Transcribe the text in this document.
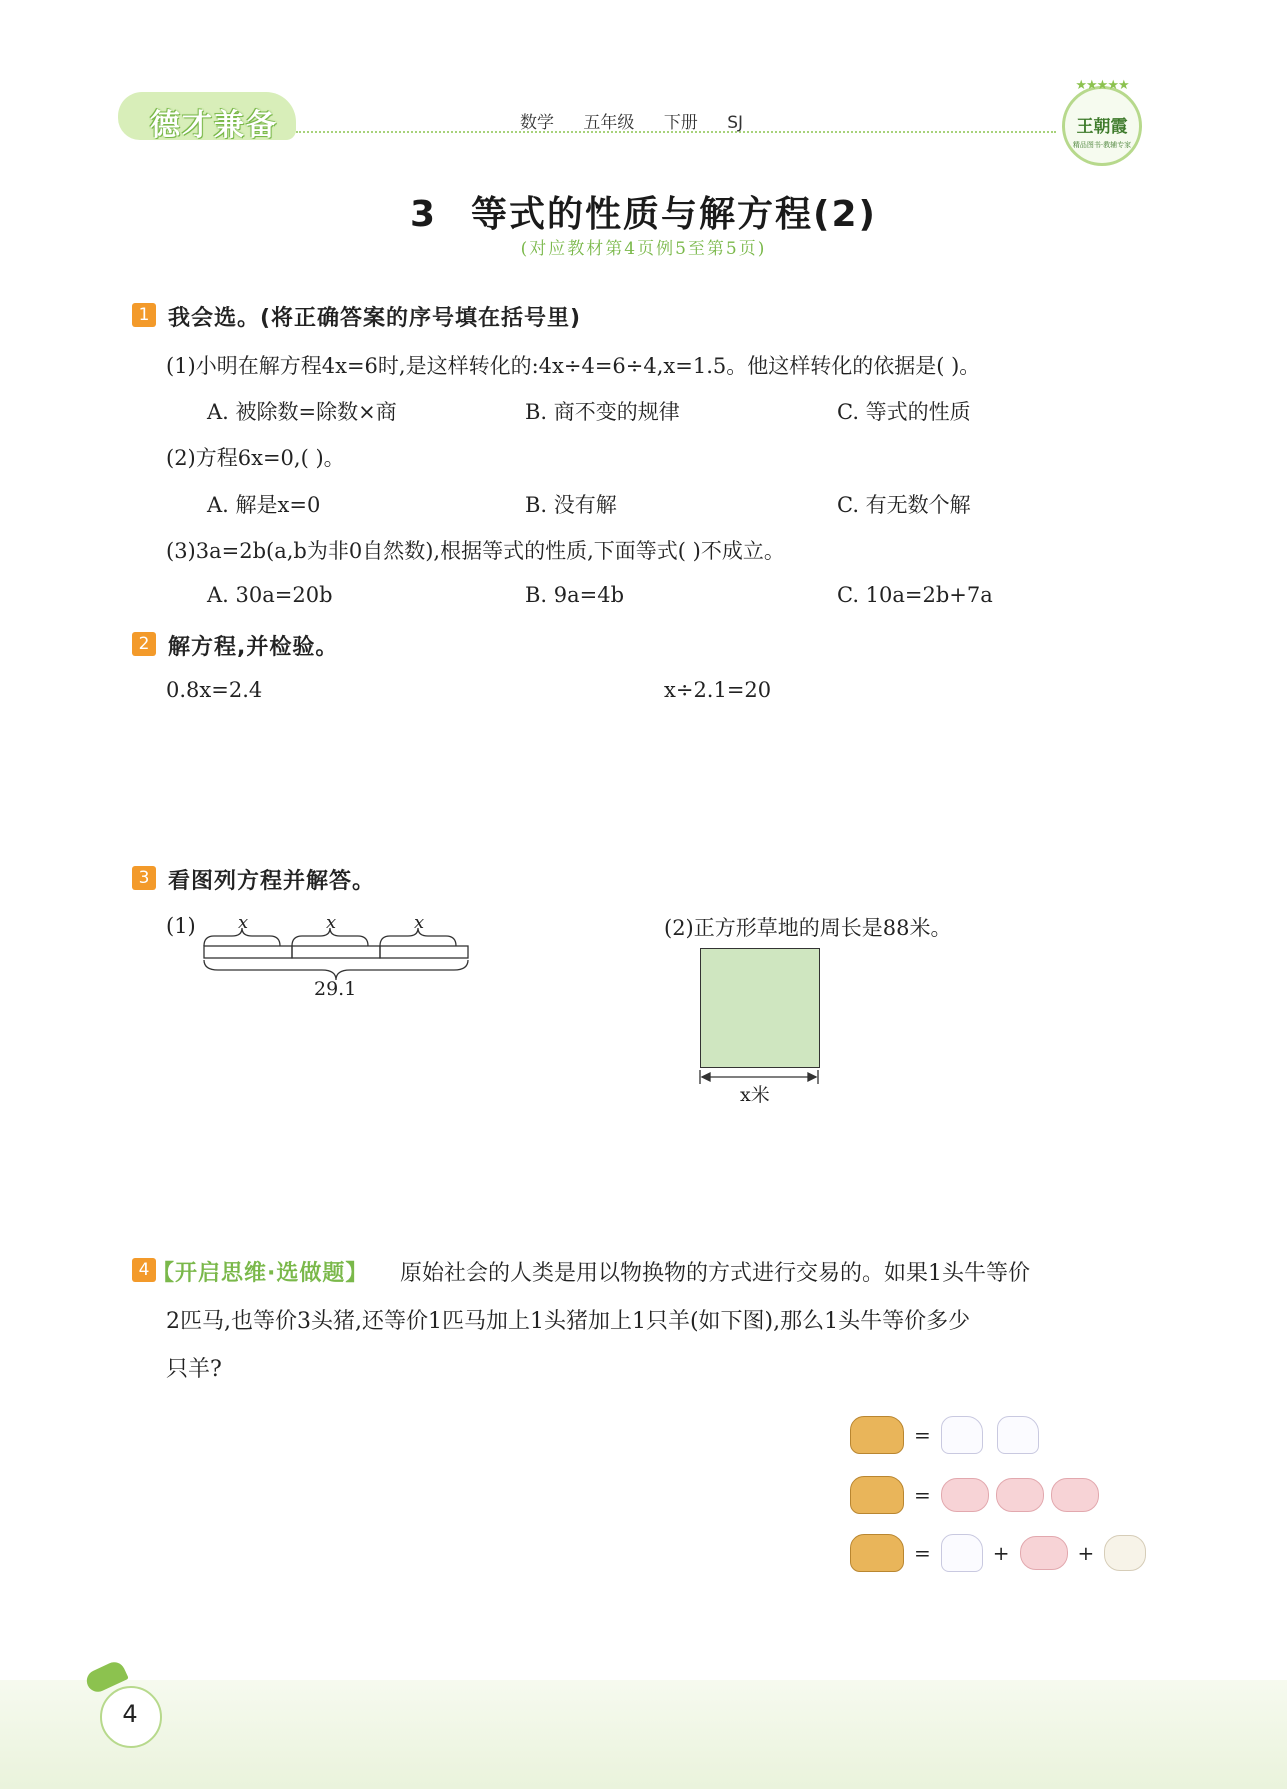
德才兼备	数学 五年级 下册 SJ
★★★★★
王朝霞
精品图书·教辅专家
3 等式的性质与解方程(2)
(对应教材第4页例5至第5页)
1 我会选。(将正确答案的序号填在括号里)
(1)小明在解方程4x=6时,是这样转化的:4x÷4=6÷4,x=1.5。他这样转化的依据是( )。
A. 被除数=除数×商	B. 商不变的规律	C. 等式的性质
(2)方程6x=0,( )。
A. 解是x=0	B. 没有解	C. 有无数个解
(3)3a=2b(a,b为非0自然数),根据等式的性质,下面等式( )不成立。
A. 30a=20b	B. 9a=4b	C. 10a=2b+7a
2 解方程,并检验。
0.8x=2.4	x÷2.1=20
3 看图列方程并解答。
(1) x	x	x
29.1
(2)正方形草地的周长是88米。
x米
4 【开启思维·选做题】 原始社会的人类是用以物换物的方式进行交易的。如果1头牛等价
2匹马,也等价3头猪,还等价1匹马加上1头猪加上1只羊(如下图),那么1头牛等价多少
只羊?
=
=
=	+	+
4
